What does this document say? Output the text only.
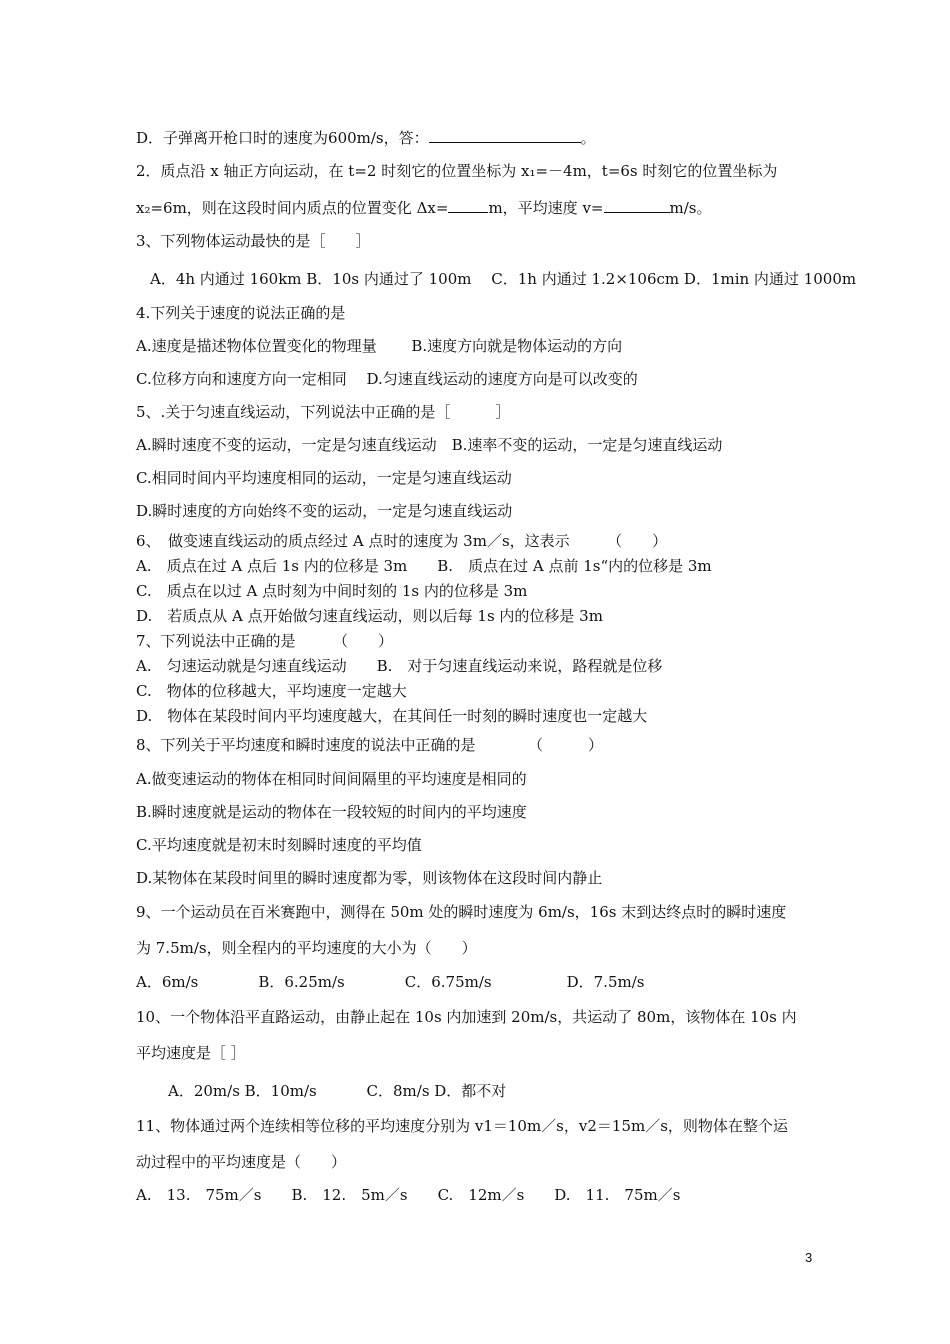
D．子弹离开枪口时的速度为600m/s，答：	。
2．质点沿 x 轴正方向运动，在 t=2 时刻它的位置坐标为 x₁=－4m，t=6s 时刻它的位置坐标为
x₂=6m，则在这段时间内质点的位置变化 Δx=	m，平均速度 v=	m/s。
3、下列物体运动最快的是［　　］
A．4h 内通过 160km B．10s 内通过了 100m　 C．1h 内通过 1.2×106cm D．1min 内通过 1000m
4.下列关于速度的说法正确的是
A.速度是描述物体位置变化的物理量　　 B.速度方向就是物体运动的方向
C.位移方向和速度方向一定相同　 D.匀速直线运动的速度方向是可以改变的
5、.关于匀速直线运动，下列说法中正确的是［　　　］
A.瞬时速度不变的运动，一定是匀速直线运动　B.速率不变的运动，一定是匀速直线运动
C.相同时间内平均速度相同的运动，一定是匀速直线运动
D.瞬时速度的方向始终不变的运动，一定是匀速直线运动
6、　做变速直线运动的质点经过 A 点时的速度为 3m／s，这表示　　　（　　）
A.　质点在过 A 点后 1s 内的位移是 3m　　B.　质点在过 A 点前 1s“内的位移是 3m
C.　质点在以过 A 点时刻为中间时刻的 1s 内的位移是 3m
D.　若质点从 A 点开始做匀速直线运动，则以后每 1s 内的位移是 3m
7、下列说法中正确的是　　　（　　）
A.　匀速运动就是匀速直线运动　　B.　对于匀速直线运动来说，路程就是位移
C.　物体的位移越大，平均速度一定越大
D.　物体在某段时间内平均速度越大，在其间任一时刻的瞬时速度也一定越大
8、下列关于平均速度和瞬时速度的说法中正确的是　　　　（　　　）
A.做变速运动的物体在相同时间间隔里的平均速度是相同的
B.瞬时速度就是运动的物体在一段较短的时间内的平均速度
C.平均速度就是初末时刻瞬时速度的平均值
D.某物体在某段时间里的瞬时速度都为零，则该物体在这段时间内静止
9、一个运动员在百米赛跑中，测得在 50m 处的瞬时速度为 6m/s，16s 末到达终点时的瞬时速度
为 7.5m/s，则全程内的平均速度的大小为（　　）
A．6m/s　　　　B．6.25m/s　　　　C．6.75m/s　　　　　D．7.5m/s
10、一个物体沿平直路运动，由静止起在 10s 内加速到 20m/s，共运动了 80m，该物体在 10s 内
平均速度是［ ］
A．20m/s B．10m/s　　　 C．8m/s D．都不对
11、物体通过两个连续相等位移的平均速度分别为 v1＝10m／s，v2＝15m／s，则物体在整个运
动过程中的平均速度是（　　）
A.　13.　75m／s　　B.　12.　5m／s　　C.　12m／s　　D.　11.　75m／s
3
